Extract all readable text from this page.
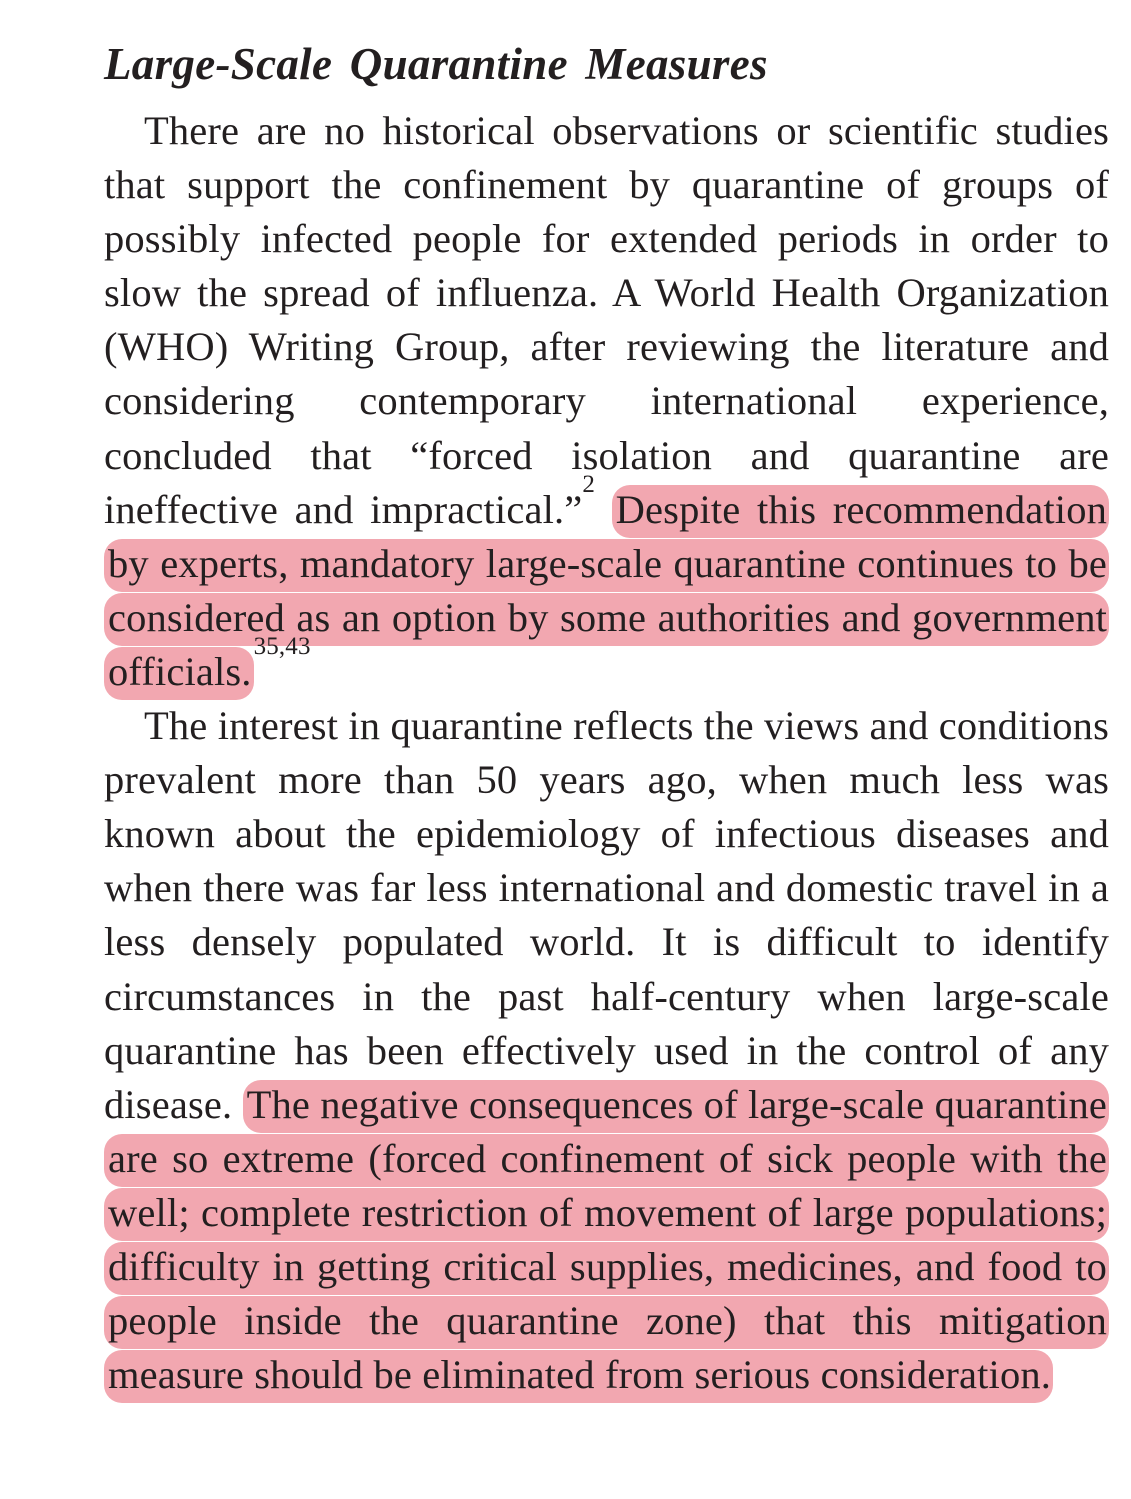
Large-Scale Quarantine Measures

There are no historical observations or scientific studies that support the confinement by quarantine of groups of possibly infected people for extended periods in order to slow the spread of influenza. A World Health Organization (WHO) Writing Group, after reviewing the literature and considering contemporary international experience, concluded that “forced isolation and quarantine are ineffective and impractical.”$^2$ Despite this recommendation by experts, mandatory large-scale quarantine continues to be considered as an option by some authorities and government officials.$^{35,43}$

The interest in quarantine reflects the views and conditions prevalent more than 50 years ago, when much less was known about the epidemiology of infectious diseases and when there was far less international and domestic travel in a less densely populated world. It is difficult to identify circumstances in the past half-century when large-scale quarantine has been effectively used in the control of any disease. The negative consequences of large-scale quarantine are so extreme (forced confinement of sick people with the well; complete restriction of movement of large populations; difficulty in getting critical supplies, medicines, and food to people inside the quarantine zone) that this mitigation measure should be eliminated from serious consideration.
